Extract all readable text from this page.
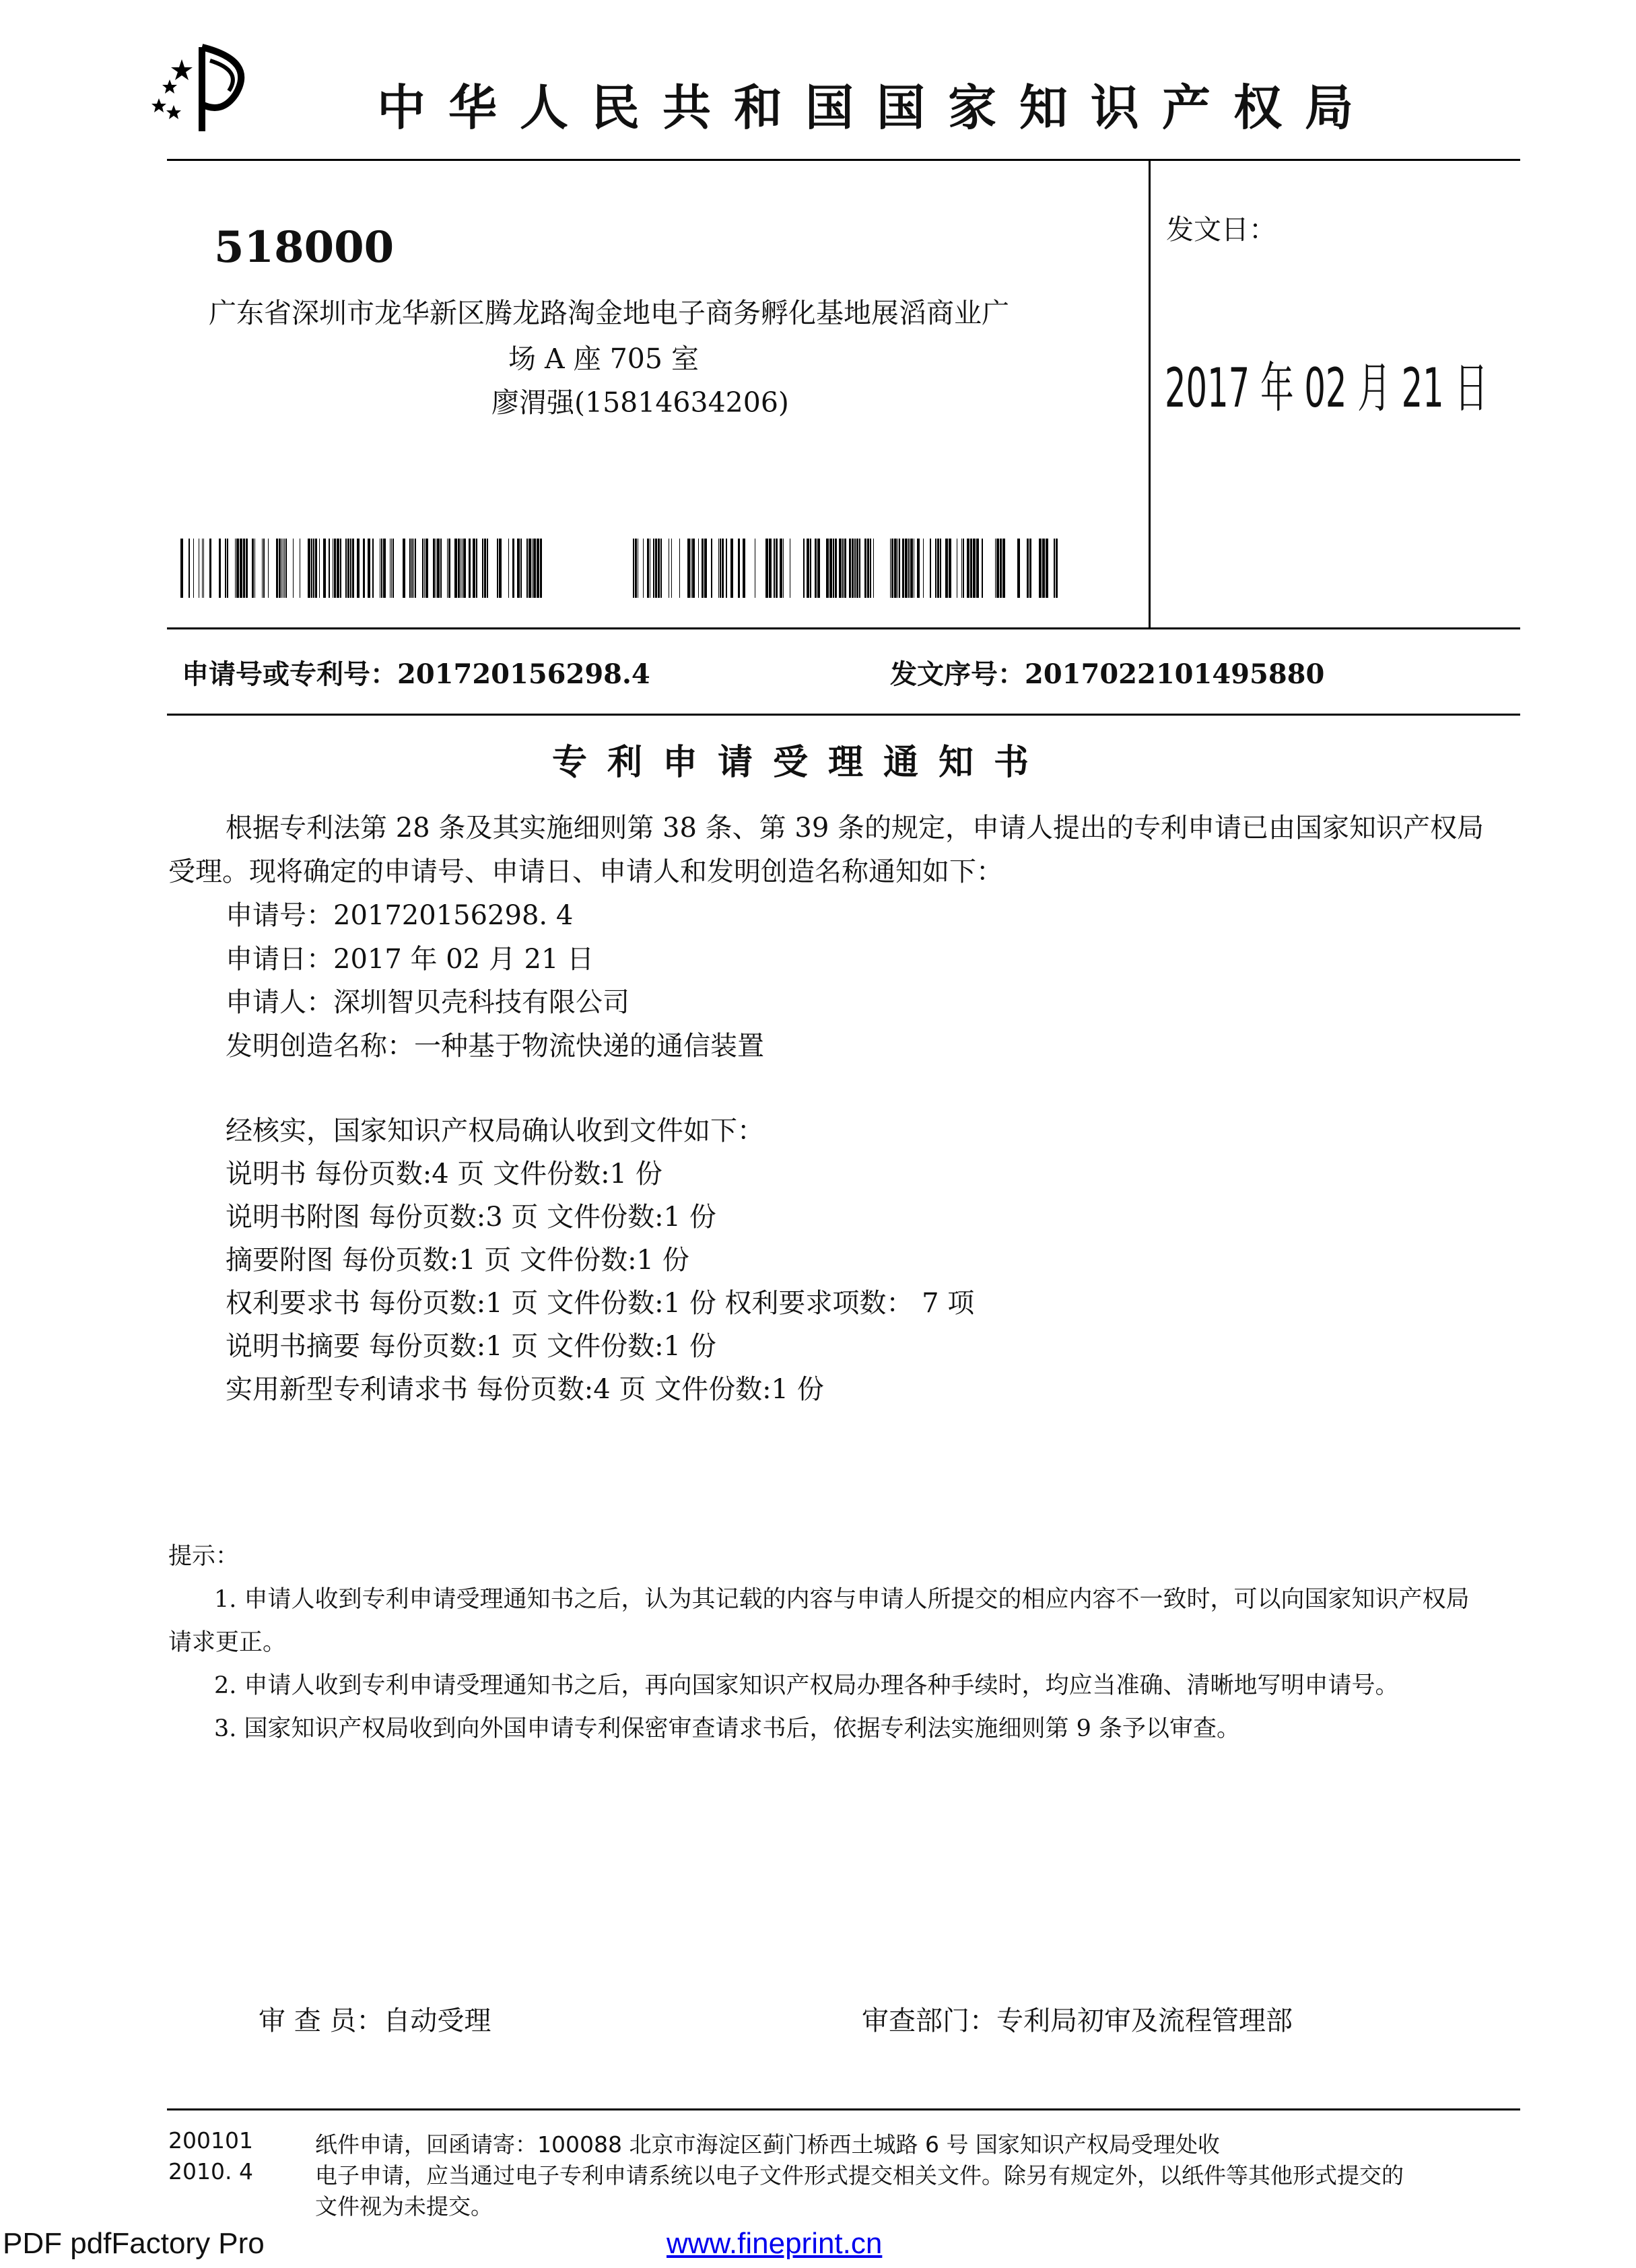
中华人民共和国国家知识产权局
518000
广东省深圳市龙华新区腾龙路淘金地电子商务孵化基地展滔商业广
场 A 座 705 室
廖渭强(15814634206)
发文日：
2017 年 02 月 21 日
申请号或专利号：201720156298.4	发文序号：2017022101495880
专利申请受理通知书
根据专利法第 28 条及其实施细则第 38 条、第 39 条的规定，申请人提出的专利申请已由国家知识产权局
受理。现将确定的申请号、申请日、申请人和发明创造名称通知如下：
申请号：201720156298. 4
申请日：2017 年 02 月 21 日
申请人：深圳智贝壳科技有限公司
发明创造名称：一种基于物流快递的通信装置
经核实，国家知识产权局确认收到文件如下：
说明书 每份页数:4 页 文件份数:1 份
说明书附图 每份页数:3 页 文件份数:1 份
摘要附图 每份页数:1 页 文件份数:1 份
权利要求书 每份页数:1 页 文件份数:1 份 权利要求项数： 7 项
说明书摘要 每份页数:1 页 文件份数:1 份
实用新型专利请求书 每份页数:4 页 文件份数:1 份
提示：
1. 申请人收到专利申请受理通知书之后，认为其记载的内容与申请人所提交的相应内容不一致时，可以向国家知识产权局
请求更正。
2. 申请人收到专利申请受理通知书之后，再向国家知识产权局办理各种手续时，均应当准确、清晰地写明申请号。
3. 国家知识产权局收到向外国申请专利保密审查请求书后，依据专利法实施细则第 9 条予以审查。
审 查 员：自动受理	审查部门：专利局初审及流程管理部
200101
2010. 4
纸件申请，回函请寄：100088 北京市海淀区蓟门桥西土城路 6 号 国家知识产权局受理处收
电子申请，应当通过电子专利申请系统以电子文件形式提交相关文件。除另有规定外，以纸件等其他形式提交的
文件视为未提交。
PDF pdfFactory Pro	www.fineprint.cn
